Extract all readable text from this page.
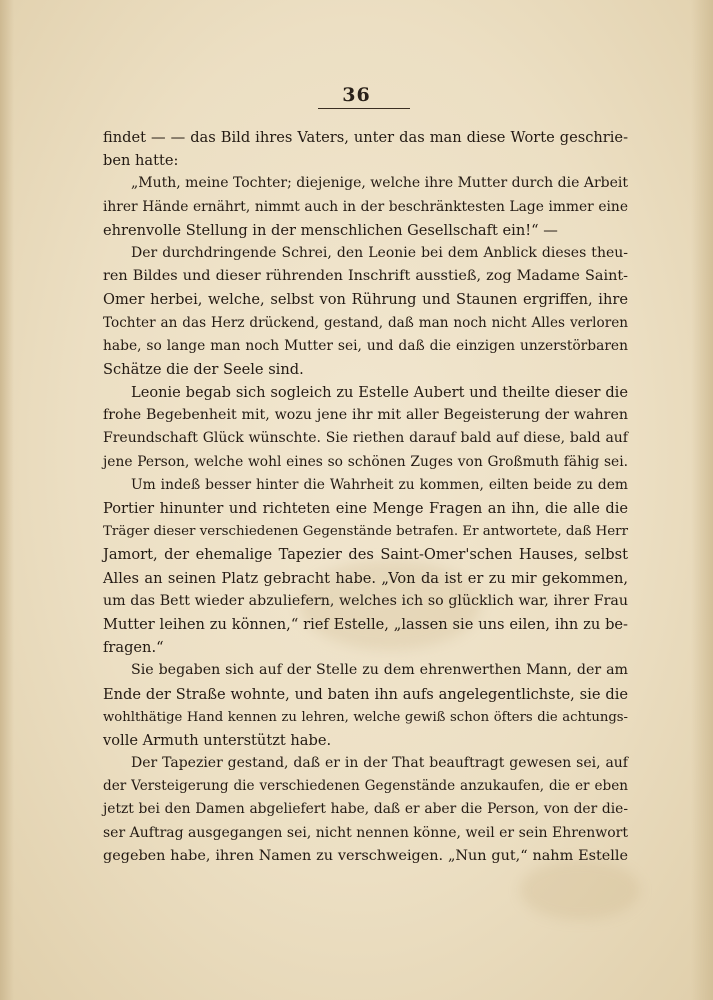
36
findet — — das Bild ihres Vaters, unter das man diese Worte geschrie-
ben hatte:
„Muth, meine Tochter; diejenige, welche ihre Mutter durch die Arbeit
ihrer Hände ernährt, nimmt auch in der beschränktesten Lage immer eine
ehrenvolle Stellung in der menschlichen Gesellschaft ein!“ —
Der durchdringende Schrei, den Leonie bei dem Anblick dieses theu-
ren Bildes und dieser rührenden Inschrift ausstieß, zog Madame Saint-
Omer herbei, welche, selbst von Rührung und Staunen ergriffen, ihre
Tochter an das Herz drückend, gestand, daß man noch nicht Alles verloren
habe, so lange man noch Mutter sei, und daß die einzigen unzerstörbaren
Schätze die der Seele sind.
Leonie begab sich sogleich zu Estelle Aubert und theilte dieser die
frohe Begebenheit mit, wozu jene ihr mit aller Begeisterung der wahren
Freundschaft Glück wünschte. Sie riethen darauf bald auf diese, bald auf
jene Person, welche wohl eines so schönen Zuges von Großmuth fähig sei.
Um indeß besser hinter die Wahrheit zu kommen, eilten beide zu dem
Portier hinunter und richteten eine Menge Fragen an ihn, die alle die
Träger dieser verschiedenen Gegenstände betrafen. Er antwortete, daß Herr
Jamort, der ehemalige Tapezier des Saint-Omer'schen Hauses, selbst
Alles an seinen Platz gebracht habe. „Von da ist er zu mir gekommen,
um das Bett wieder abzuliefern, welches ich so glücklich war, ihrer Frau
Mutter leihen zu können,“ rief Estelle, „lassen sie uns eilen, ihn zu be-
fragen.“
Sie begaben sich auf der Stelle zu dem ehrenwerthen Mann, der am
Ende der Straße wohnte, und baten ihn aufs angelegentlichste, sie die
wohlthätige Hand kennen zu lehren, welche gewiß schon öfters die achtungs-
volle Armuth unterstützt habe.
Der Tapezier gestand, daß er in der That beauftragt gewesen sei, auf
der Versteigerung die verschiedenen Gegenstände anzukaufen, die er eben
jetzt bei den Damen abgeliefert habe, daß er aber die Person, von der die-
ser Auftrag ausgegangen sei, nicht nennen könne, weil er sein Ehrenwort
gegeben habe, ihren Namen zu verschweigen. „Nun gut,“ nahm Estelle
